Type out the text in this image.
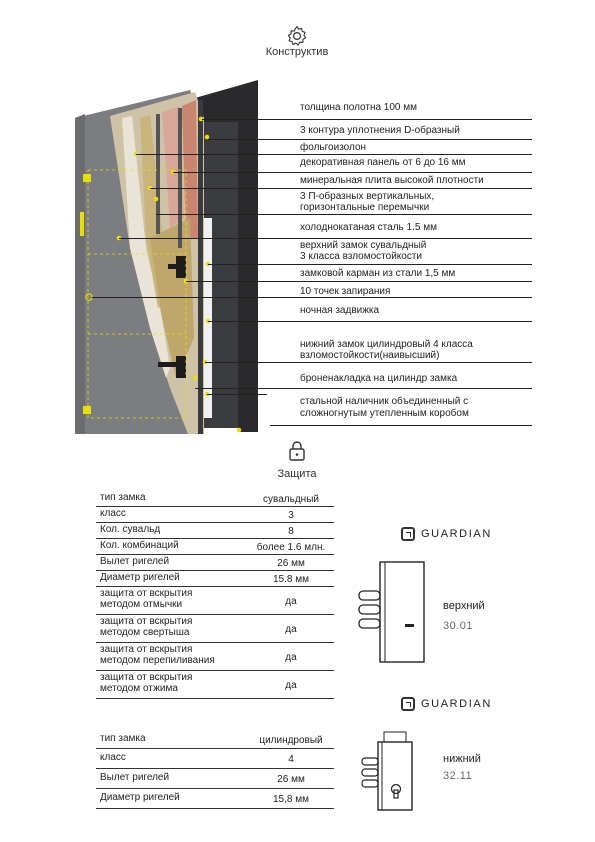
Конструктив
толщина полотна 100 мм
3 контура уплотнения D-образный
фольгоизолон
декоративная панель от 6 до 16 мм
минеральная плита высокой плотности
3 П-образных вертикальных,
горизонтальные перемычки
холоднокатаная сталь 1.5 мм
верхний замок сувальдный
3 класса взломостойкости
замковой карман из стали 1,5 мм
10 точек запирания
ночная задвижка
нижний замок цилиндровый 4 класса
взломостойкости(наивысший)
броненакладка на цилиндр замка
стальной наличник объединенный с
сложногнутым утепленным коробом
Защита
тип замка	сувальдный
класс	3
Кол. сувальд	8
Кол. комбинаций	более 1.6 млн.
Вылет ригелей	26 мм
Диаметр ригелей	15.8 мм
защита от вскрытия
методом отмычки	да
защита от вскрытия
методом свертыша	да
защита от вскрытия
методом перепиливания	да
защита от вскрытия
методом отжима	да
GUARDIAN
верхний
30.01
GUARDIAN
нижний
32.11
тип замка	цилиндровый
класс	4
Вылет ригелей	26 мм
Диаметр ригелей	15,8 мм
